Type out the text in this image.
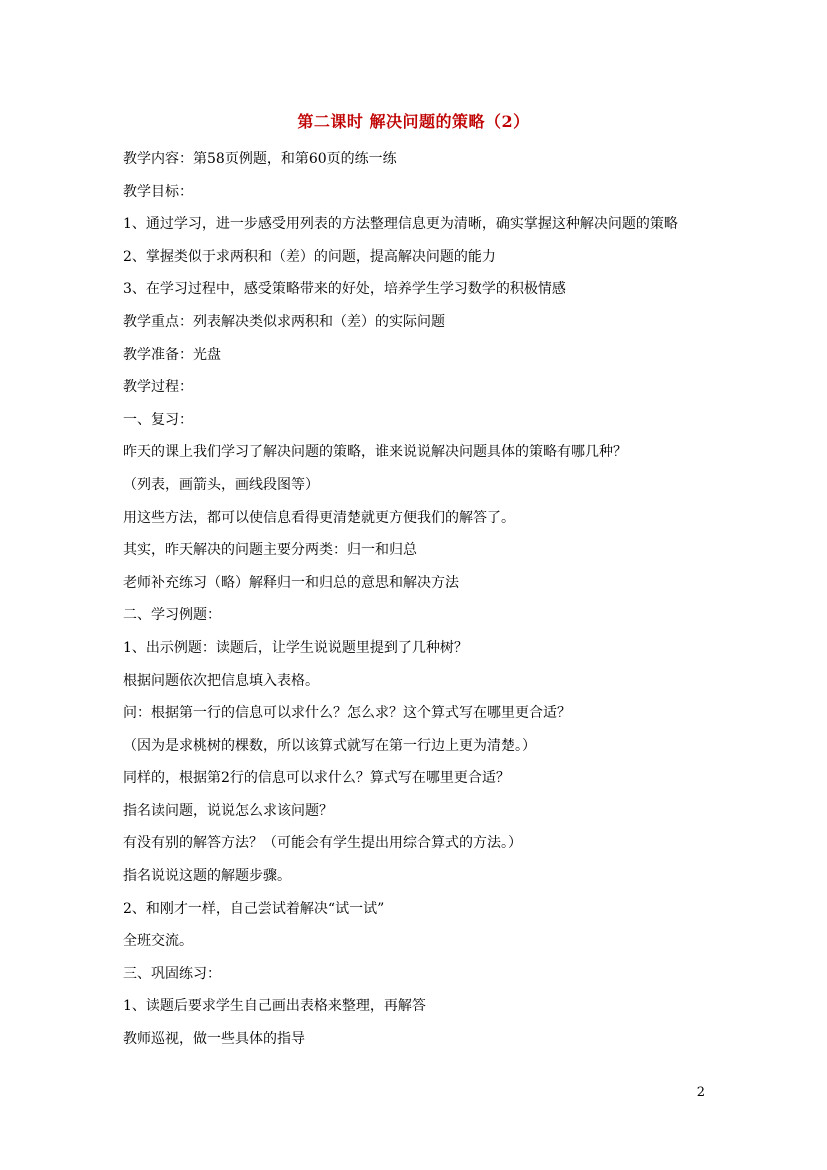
第二课时 解决问题的策略（2）
教学内容：第58页例题，和第60页的练一练
教学目标：
1、通过学习，进一步感受用列表的方法整理信息更为清晰，确实掌握这种解决问题的策略
2、掌握类似于求两积和（差）的问题，提高解决问题的能力
3、在学习过程中，感受策略带来的好处，培养学生学习数学的积极情感
教学重点：列表解决类似求两积和（差）的实际问题
教学准备：光盘
教学过程：
一、复习：
昨天的课上我们学习了解决问题的策略，谁来说说解决问题具体的策略有哪几种？
（列表，画箭头，画线段图等）
用这些方法，都可以使信息看得更清楚就更方便我们的解答了。
其实，昨天解决的问题主要分两类：归一和归总
老师补充练习（略）解释归一和归总的意思和解决方法
二、学习例题：
1、出示例题：读题后，让学生说说题里提到了几种树？
根据问题依次把信息填入表格。
问：根据第一行的信息可以求什么？怎么求？这个算式写在哪里更合适？
（因为是求桃树的棵数，所以该算式就写在第一行边上更为清楚。）
同样的，根据第2行的信息可以求什么？算式写在哪里更合适？
指名读问题，说说怎么求该问题？
有没有别的解答方法？（可能会有学生提出用综合算式的方法。）
指名说说这题的解题步骤。
2、和刚才一样，自己尝试着解决“试一试”
全班交流。
三、巩固练习：
1、读题后要求学生自己画出表格来整理，再解答
教师巡视，做一些具体的指导
2
